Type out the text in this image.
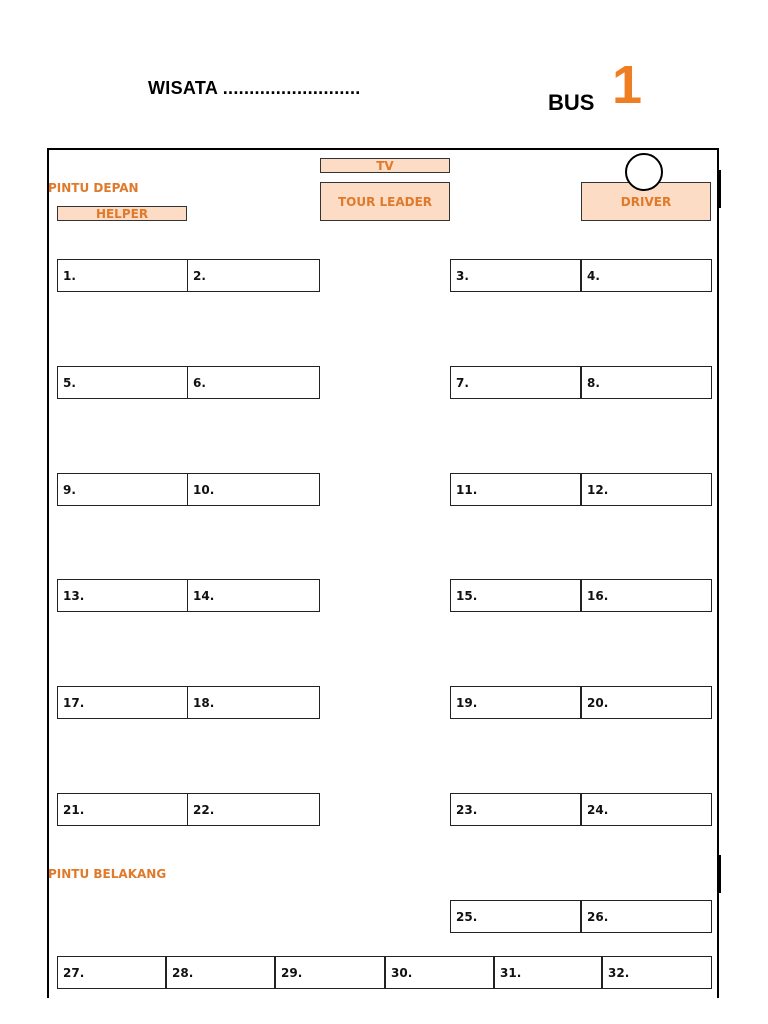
WISATA ..........................
BUS 1
TV
TOUR LEADER	DRIVER
PINTU DEPAN
HELPER
PINTU BELAKANG
1.	2.	3.	4.
5.	6.	7.	8.
9.	10.	11.	12.
13.	14.	15.	16.
17.	18.	19.	20.
21.	22.	23.	24.
25.	26.
27.	28.	29.	30.	31.	32.
